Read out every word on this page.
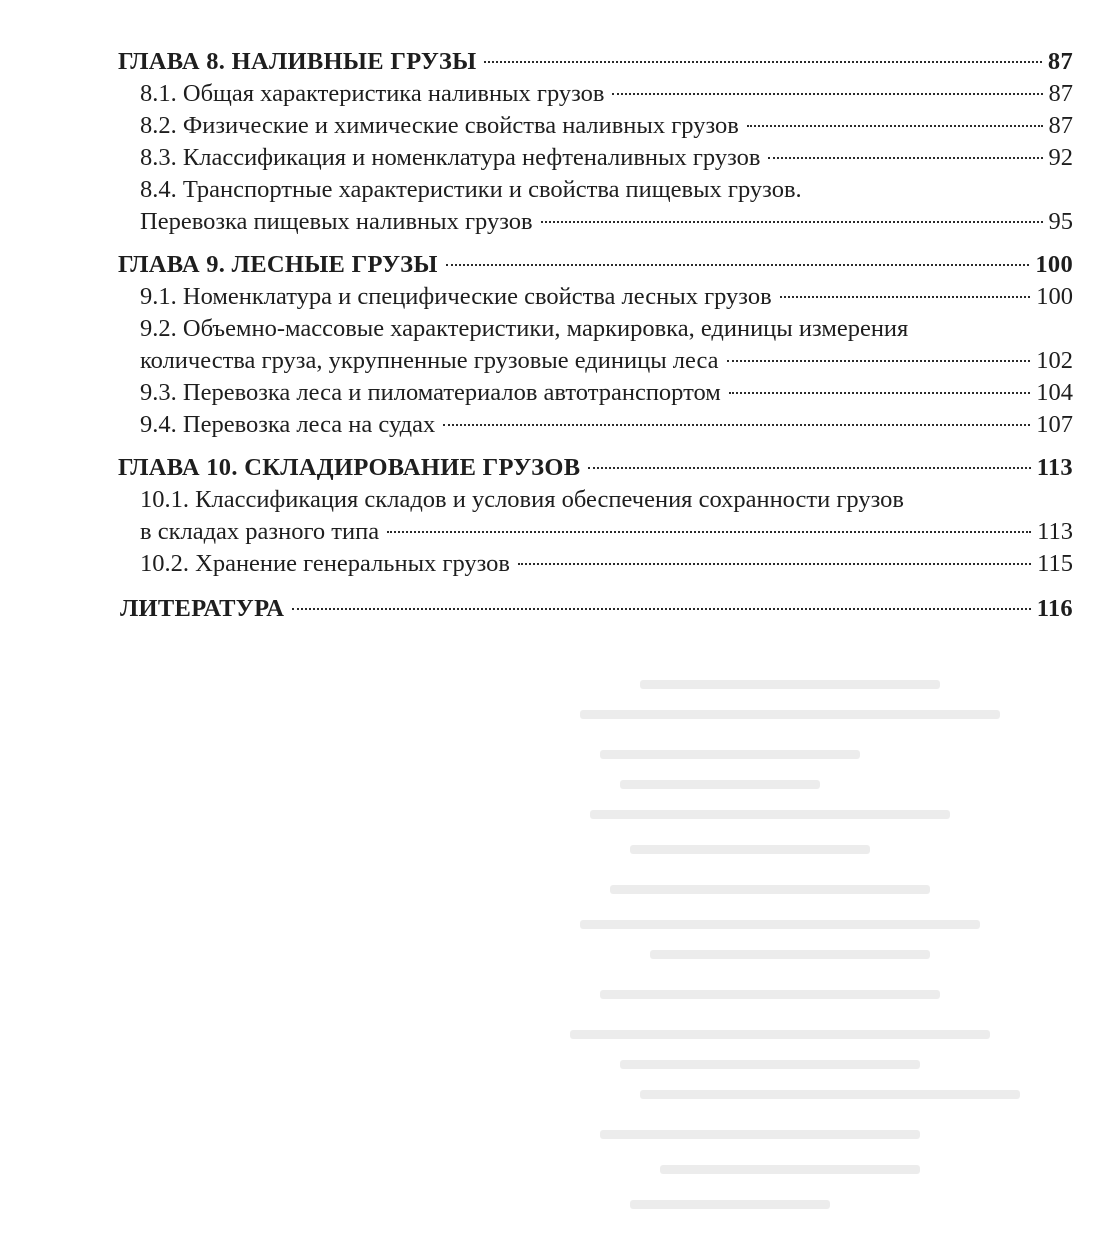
ГЛАВА 8. НАЛИВНЫЕ ГРУЗЫ	87
8.1. Общая характеристика наливных грузов	87
8.2. Физические и химические свойства наливных грузов	87
8.3. Классификация и номенклатура нефтеналивных грузов	92
8.4. Транспортные характеристики и свойства пищевых грузов.
Перевозка пищевых наливных грузов	95
ГЛАВА 9. ЛЕСНЫЕ ГРУЗЫ	100
9.1. Номенклатура и специфические свойства лесных грузов	100
9.2. Объемно-массовые характеристики, маркировка, единицы измерения
количества груза, укрупненные грузовые единицы леса	102
9.3. Перевозка леса и пиломатериалов автотранспортом	104
9.4. Перевозка леса на судах	107
ГЛАВА 10. СКЛАДИРОВАНИЕ ГРУЗОВ	113
10.1. Классификация складов и условия обеспечения сохранности грузов
в складах разного типа	113
10.2. Хранение генеральных грузов	115
ЛИТЕРАТУРА	116
